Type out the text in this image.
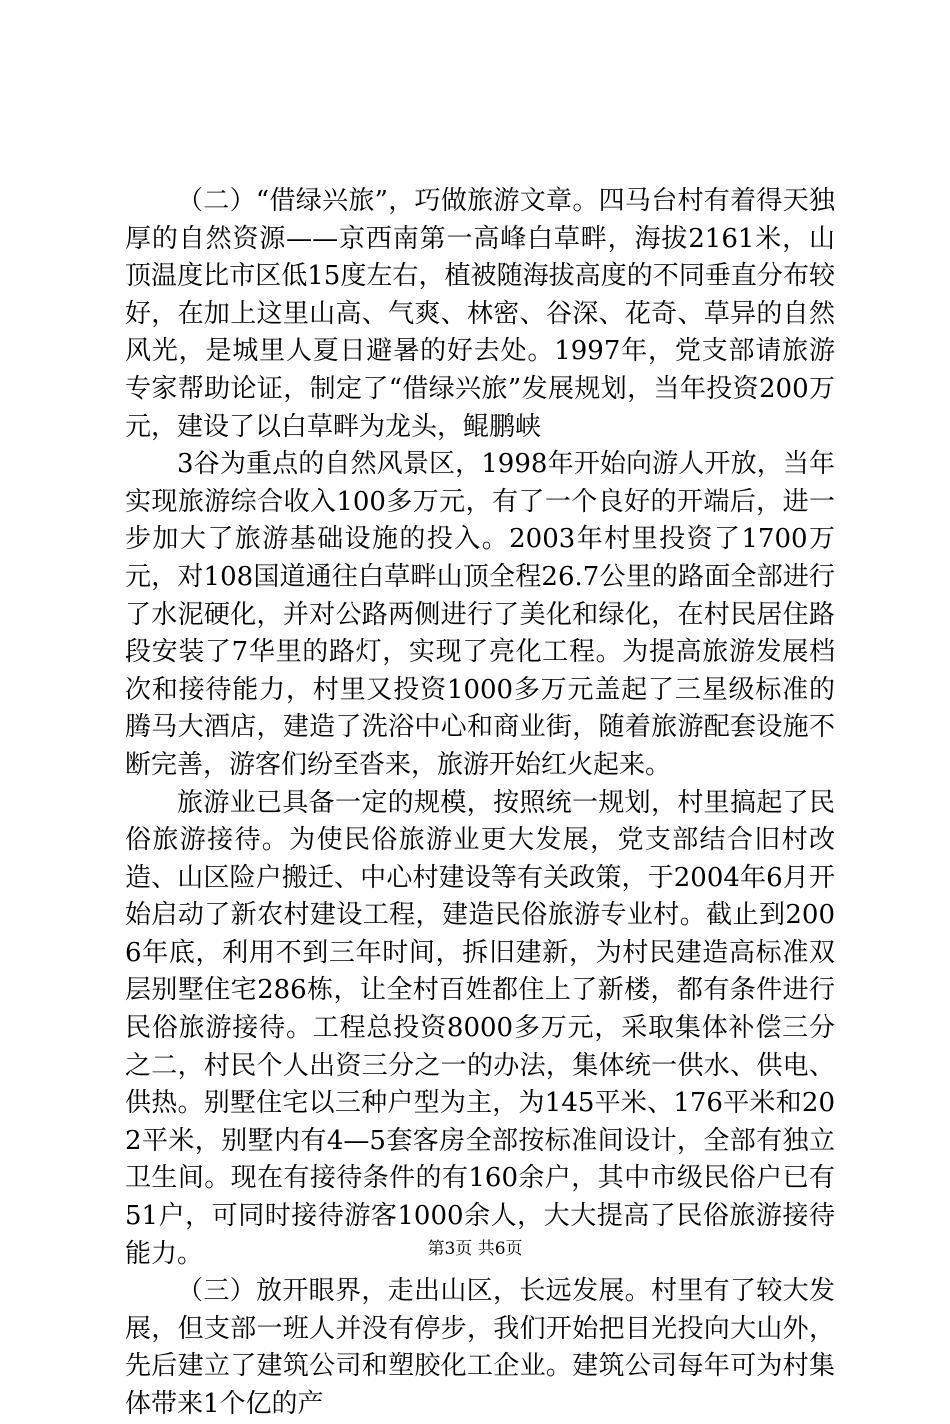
（二）“借绿兴旅”，巧做旅游文章。四马台村有着得天独厚的自然资源——京西南第一高峰白草畔，海拔2161米，山顶温度比市区低15度左右，植被随海拔高度的不同垂直分布较好，在加上这里山高、气爽、林密、谷深、花奇、草异的自然风光，是城里人夏日避暑的好去处。1997年，党支部请旅游专家帮助论证，制定了“借绿兴旅”发展规划，当年投资200万元，建设了以白草畔为龙头，鲲鹏峡

3谷为重点的自然风景区，1998年开始向游人开放，当年实现旅游综合收入100多万元，有了一个良好的开端后，进一步加大了旅游基础设施的投入。2003年村里投资了1700万元，对108国道通往白草畔山顶全程26.7公里的路面全部进行了水泥硬化，并对公路两侧进行了美化和绿化，在村民居住路段安装了7华里的路灯，实现了亮化工程。为提高旅游发展档次和接待能力，村里又投资1000多万元盖起了三星级标准的腾马大酒店，建造了洗浴中心和商业街，随着旅游配套设施不断完善，游客们纷至沓来，旅游开始红火起来。

旅游业已具备一定的规模，按照统一规划，村里搞起了民俗旅游接待。为使民俗旅游业更大发展，党支部结合旧村改造、山区险户搬迁、中心村建设等有关政策，于2004年6月开始启动了新农村建设工程，建造民俗旅游专业村。截止到2006年底，利用不到三年时间，拆旧建新，为村民建造高标准双层别墅住宅286栋，让全村百姓都住上了新楼，都有条件进行民俗旅游接待。工程总投资8000多万元，采取集体补偿三分之二，村民个人出资三分之一的办法，集体统一供水、供电、供热。别墅住宅以三种户型为主，为145平米、176平米和202平米，别墅内有4—5套客房全部按标准间设计，全部有独立卫生间。现在有接待条件的有160余户，其中市级民俗户已有51户，可同时接待游客1000余人，大大提高了民俗旅游接待能力。

（三）放开眼界，走出山区，长远发展。村里有了较大发展，但支部一班人并没有停步，我们开始把目光投向大山外，先后建立了建筑公司和塑胶化工企业。建筑公司每年可为村集体带来1个亿的产

第3页 共6页
